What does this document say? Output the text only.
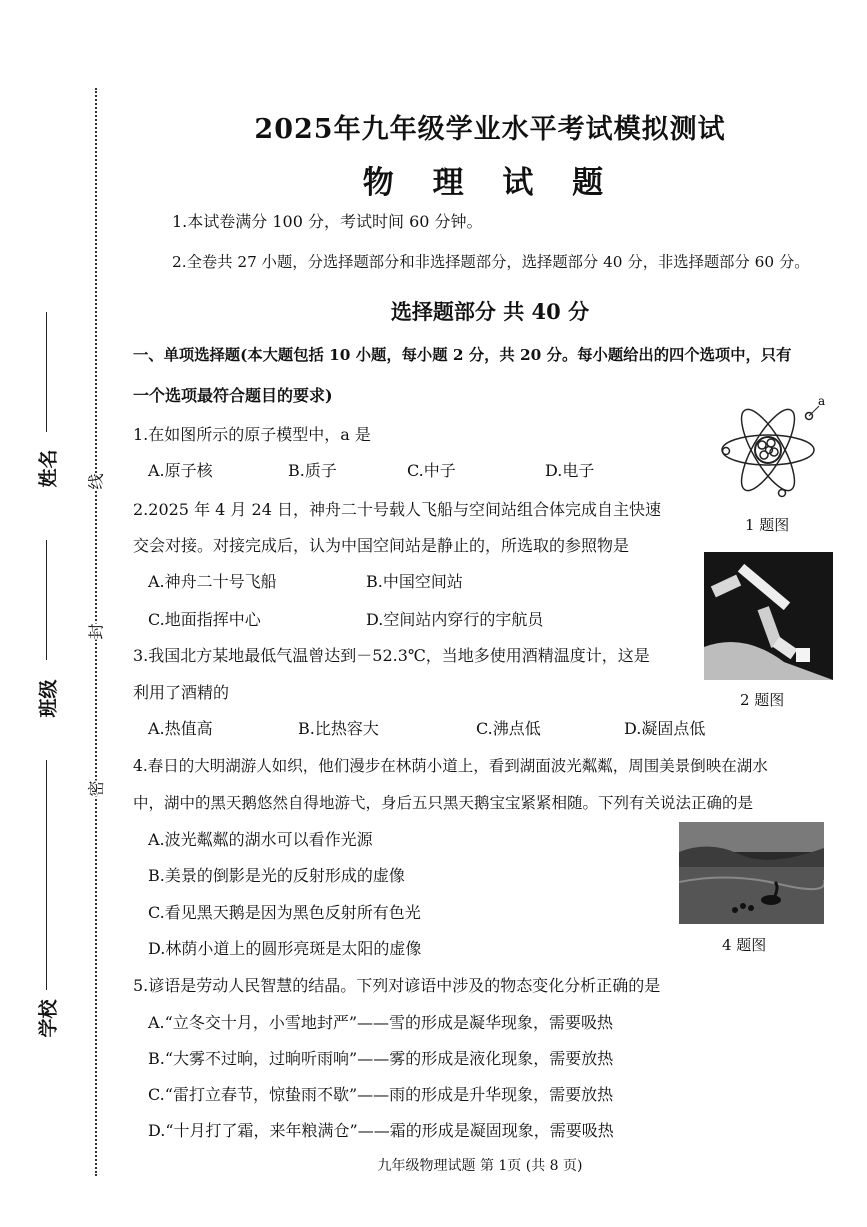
姓名
班级
学校
线
封
密
2025年九年级学业水平考试模拟测试
物 理 试 题
1.本试卷满分 100 分，考试时间 60 分钟。
2.全卷共 27 小题，分选择题部分和非选择题部分，选择题部分 40 分，非选择题部分 60 分。
选择题部分 共 40 分
一、单项选择题(本大题包括 10 小题，每小题 2 分，共 20 分。每小题给出的四个选项中，只有
一个选项最符合题目的要求)
1.在如图所示的原子模型中，a 是
A.原子核	B.质子	C.中子	D.电子
a
1 题图
2.2025 年 4 月 24 日，神舟二十号载人飞船与空间站组合体完成自主快速
交会对接。对接完成后，认为中国空间站是静止的，所选取的参照物是
A.神舟二十号飞船	B.中国空间站
C.地面指挥中心	D.空间站内穿行的宇航员
2 题图
3.我国北方某地最低气温曾达到－52.3℃，当地多使用酒精温度计，这是
利用了酒精的
A.热值高	B.比热容大	C.沸点低	D.凝固点低
4.春日的大明湖游人如织，他们漫步在林荫小道上，看到湖面波光粼粼，周围美景倒映在湖水
中，湖中的黑天鹅悠然自得地游弋，身后五只黑天鹅宝宝紧紧相随。下列有关说法正确的是
A.波光粼粼的湖水可以看作光源
B.美景的倒影是光的反射形成的虚像
C.看见黑天鹅是因为黑色反射所有色光
D.林荫小道上的圆形亮斑是太阳的虚像	4 题图
5.谚语是劳动人民智慧的结晶。下列对谚语中涉及的物态变化分析正确的是
A.“立冬交十月，小雪地封严”——雪的形成是凝华现象，需要吸热
B.“大雾不过晌，过晌听雨响”——雾的形成是液化现象，需要放热
C.“雷打立春节，惊蛰雨不歇”——雨的形成是升华现象，需要放热
D.“十月打了霜，来年粮满仓”——霜的形成是凝固现象，需要吸热
九年级物理试题 第 1页 (共 8 页)
